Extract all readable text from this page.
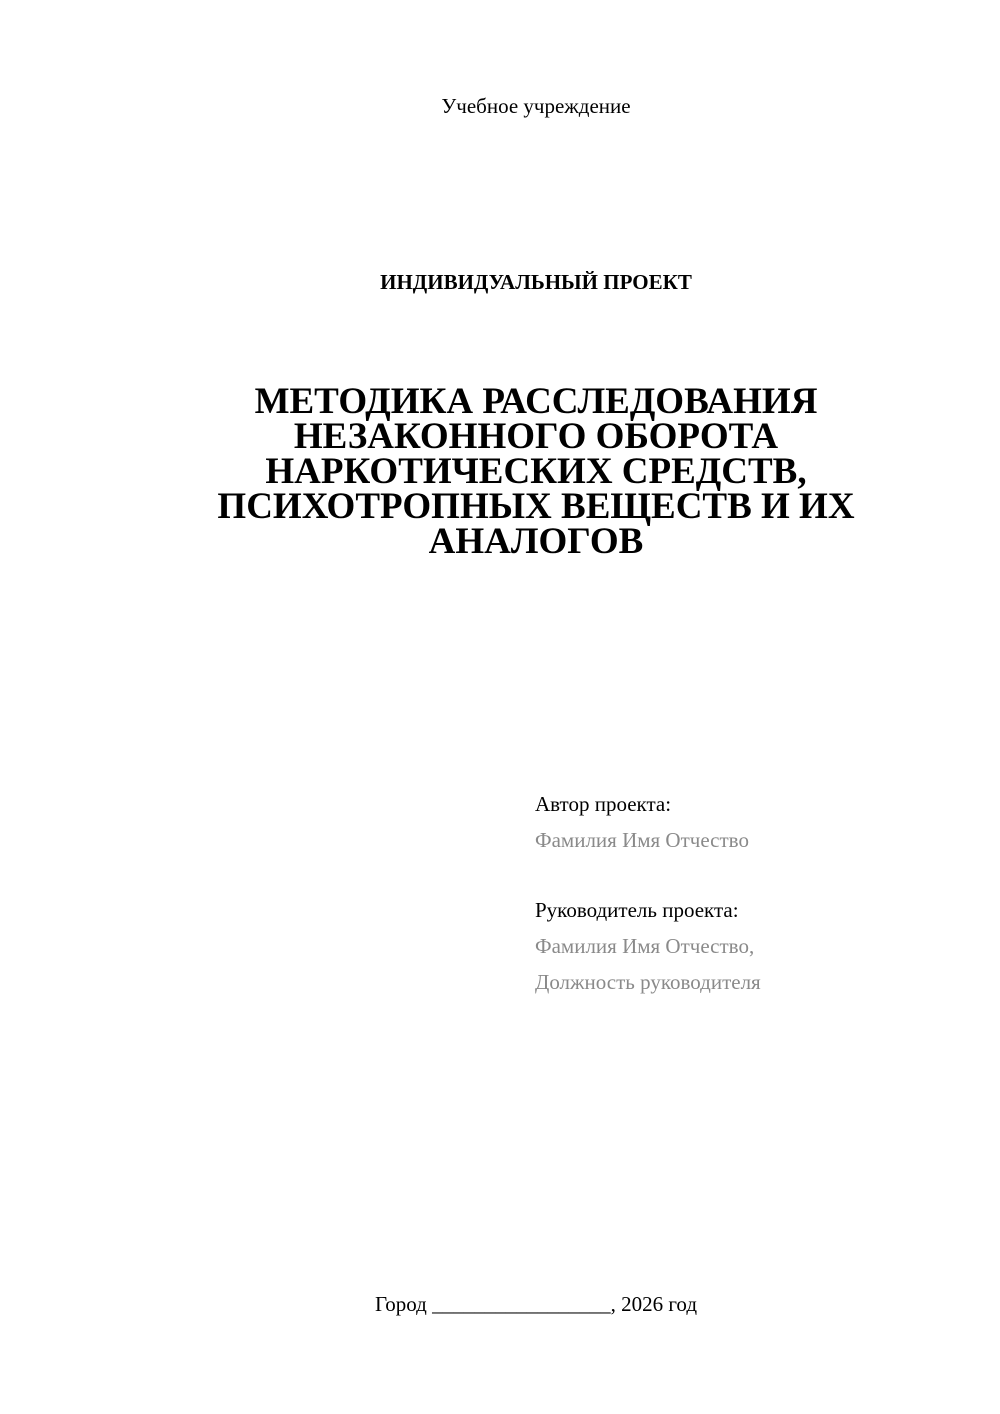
Учебное учреждение
ИНДИВИДУАЛЬНЫЙ ПРОЕКТ
МЕТОДИКА РАССЛЕДОВАНИЯ
НЕЗАКОННОГО ОБОРОТА
НАРКОТИЧЕСКИХ СРЕДСТВ,
ПСИХОТРОПНЫХ ВЕЩЕСТВ И ИХ
АНАЛОГОВ
Автор проекта:
Фамилия Имя Отчество
Руководитель проекта:
Фамилия Имя Отчество,
Должность руководителя
Город _________________, 2026 год
